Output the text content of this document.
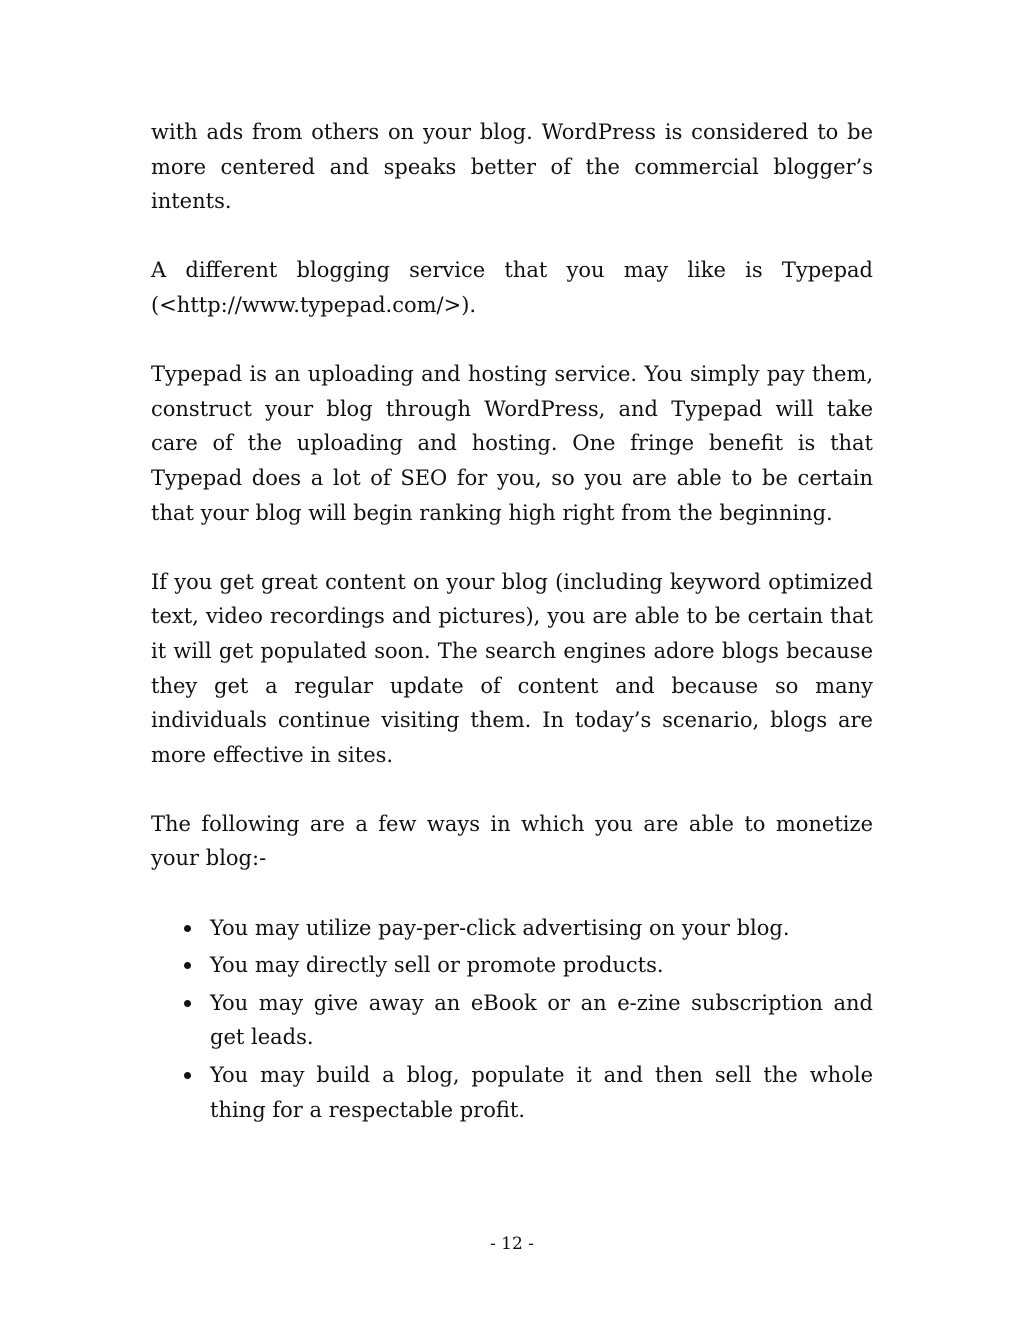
with ads from others on your blog. WordPress is considered to be more centered and speaks better of the commercial blogger’s intents.

A different blogging service that you may like is Typepad (<http://www.typepad.com/>).

Typepad is an uploading and hosting service. You simply pay them, construct your blog through WordPress, and Typepad will take care of the uploading and hosting. One fringe benefit is that Typepad does a lot of SEO for you, so you are able to be certain that your blog will begin ranking high right from the beginning.

If you get great content on your blog (including keyword optimized text, video recordings and pictures), you are able to be certain that it will get populated soon. The search engines adore blogs because they get a regular update of content and because so many individuals continue visiting them. In today’s scenario, blogs are more effective in sites.

The following are a few ways in which you are able to monetize your blog:-

You may utilize pay-per-click advertising on your blog.
You may directly sell or promote products.
You may give away an eBook or an e-zine subscription and get leads.
You may build a blog, populate it and then sell the whole thing for a respectable profit.
- 12 -
